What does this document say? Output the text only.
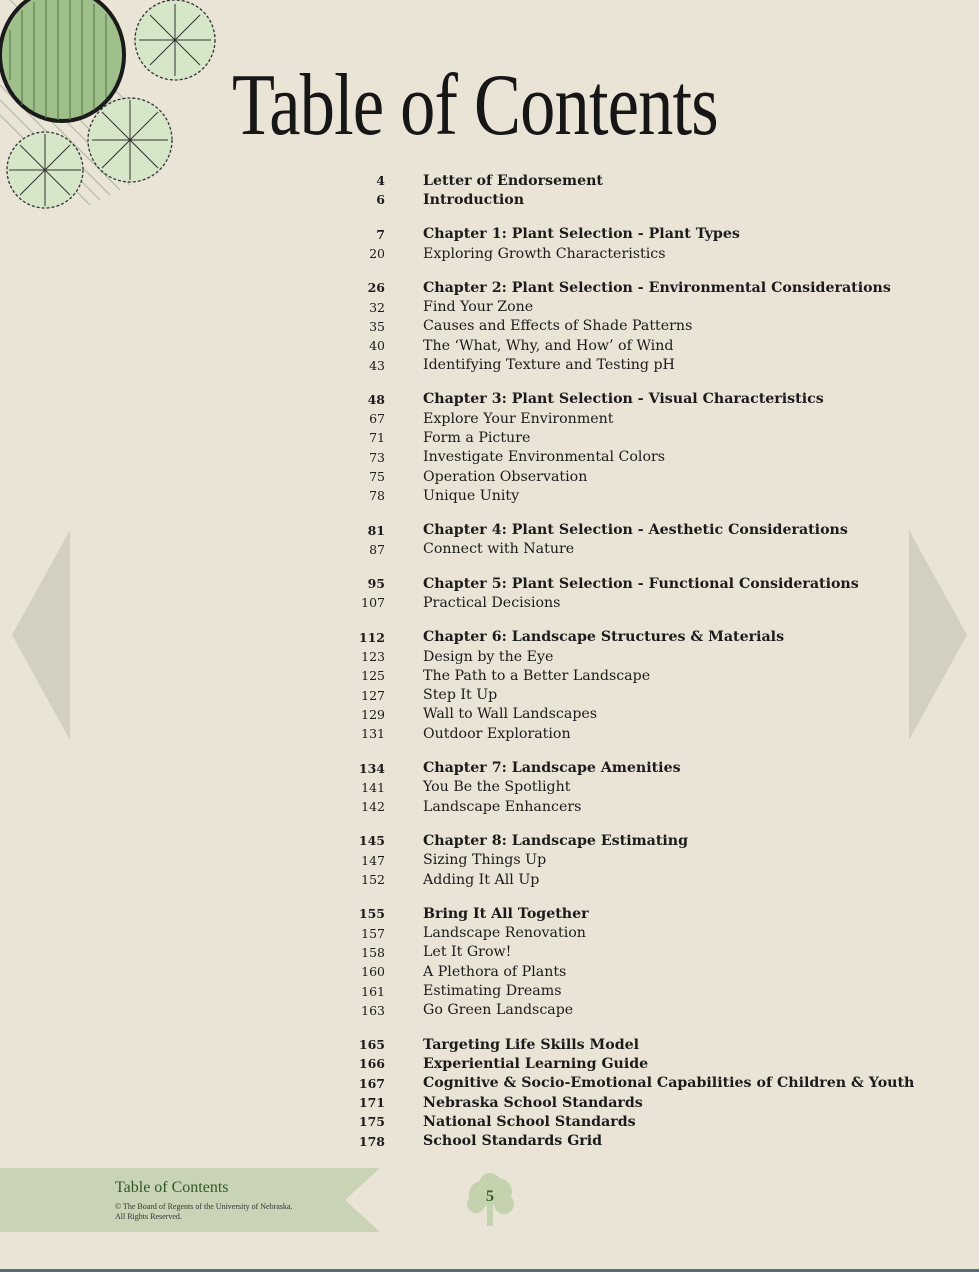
Table of Contents
4	Letter of Endorsement
6	Introduction
7	Chapter 1: Plant Selection - Plant Types
20	Exploring Growth Characteristics
26	Chapter 2: Plant Selection - Environmental Considerations
32	Find Your Zone
35	Causes and Effects of Shade Patterns
40	The ‘What, Why, and How’ of Wind
43	Identifying Texture and Testing pH
48	Chapter 3: Plant Selection - Visual Characteristics
67	Explore Your Environment
71	Form a Picture
73	Investigate Environmental Colors
75	Operation Observation
78	Unique Unity
81	Chapter 4: Plant Selection - Aesthetic Considerations
87	Connect with Nature
95	Chapter 5: Plant Selection - Functional Considerations
107	Practical Decisions
112	Chapter 6: Landscape Structures & Materials
123	Design by the Eye
125	The Path to a Better Landscape
127	Step It Up
129	Wall to Wall Landscapes
131	Outdoor Exploration
134	Chapter 7: Landscape Amenities
141	You Be the Spotlight
142	Landscape Enhancers
145	Chapter 8: Landscape Estimating
147	Sizing Things Up
152	Adding It All Up
155	Bring It All Together
157	Landscape Renovation
158	Let It Grow!
160	A Plethora of Plants
161	Estimating Dreams
163	Go Green Landscape
165	Targeting Life Skills Model
166	Experiential Learning Guide
167	Cognitive & Socio-Emotional Capabilities of Children & Youth
171	Nebraska School Standards
175	National School Standards
178	School Standards Grid
Table of Contents
© The Board of Regents of the University of Nebraska.
All Rights Reserved.
5
